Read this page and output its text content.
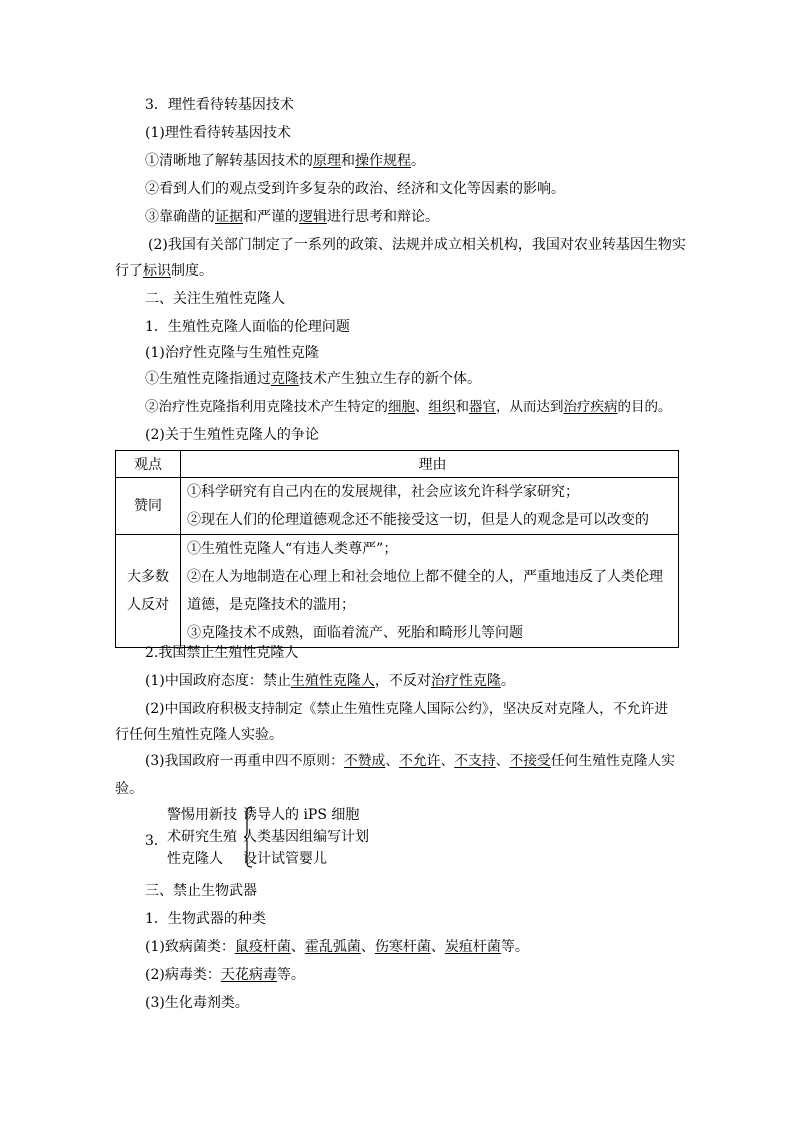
3．理性看待转基因技术
(1)理性看待转基因技术
①清晰地了解转基因技术的原理和操作规程。
②看到人们的观点受到许多复杂的政治、经济和文化等因素的影响。
③靠确凿的证据和严谨的逻辑进行思考和辩论。
(2)我国有关部门制定了一系列的政策、法规并成立相关机构，我国对农业转基因生物实
行了标识制度。
二、关注生殖性克隆人
1．生殖性克隆人面临的伦理问题
(1)治疗性克隆与生殖性克隆
①生殖性克隆指通过克隆技术产生独立生存的新个体。
②治疗性克隆指利用克隆技术产生特定的细胞、组织和器官，从而达到治疗疾病的目的。
(2)关于生殖性克隆人的争论
观点	理由

赞同	①科学研究有自己内在的发展规律，社会应该允许科学家研究；
②现在人们的伦理道德观念还不能接受这一切，但是人的观念是可以改变的

大多数
人反对	①生殖性克隆人“有违人类尊严”；
②在人为地制造在心理上和社会地位上都不健全的人，严重地违反了人类伦理
道德，是克隆技术的滥用；
③克隆技术不成熟，面临着流产、死胎和畸形儿等问题
2.我国禁止生殖性克隆人
(1)中国政府态度：禁止生殖性克隆人，不反对治疗性克隆。
(2)中国政府积极支持制定《禁止生殖性克隆人国际公约》，坚决反对克隆人，不允许进
行任何生殖性克隆人实验。
(3)我国政府一再重申四不原则：不赞成、不允许、不支持、不接受任何生殖性克隆人实
验。
3．
警惕用新技术研究生殖性克隆人
诱导人的 iPS 细胞
人类基因组编写计划
设计试管婴儿
三、禁止生物武器
1．生物武器的种类
(1)致病菌类：鼠疫杆菌、霍乱弧菌、伤寒杆菌、炭疽杆菌等。
(2)病毒类：天花病毒等。
(3)生化毒剂类。
